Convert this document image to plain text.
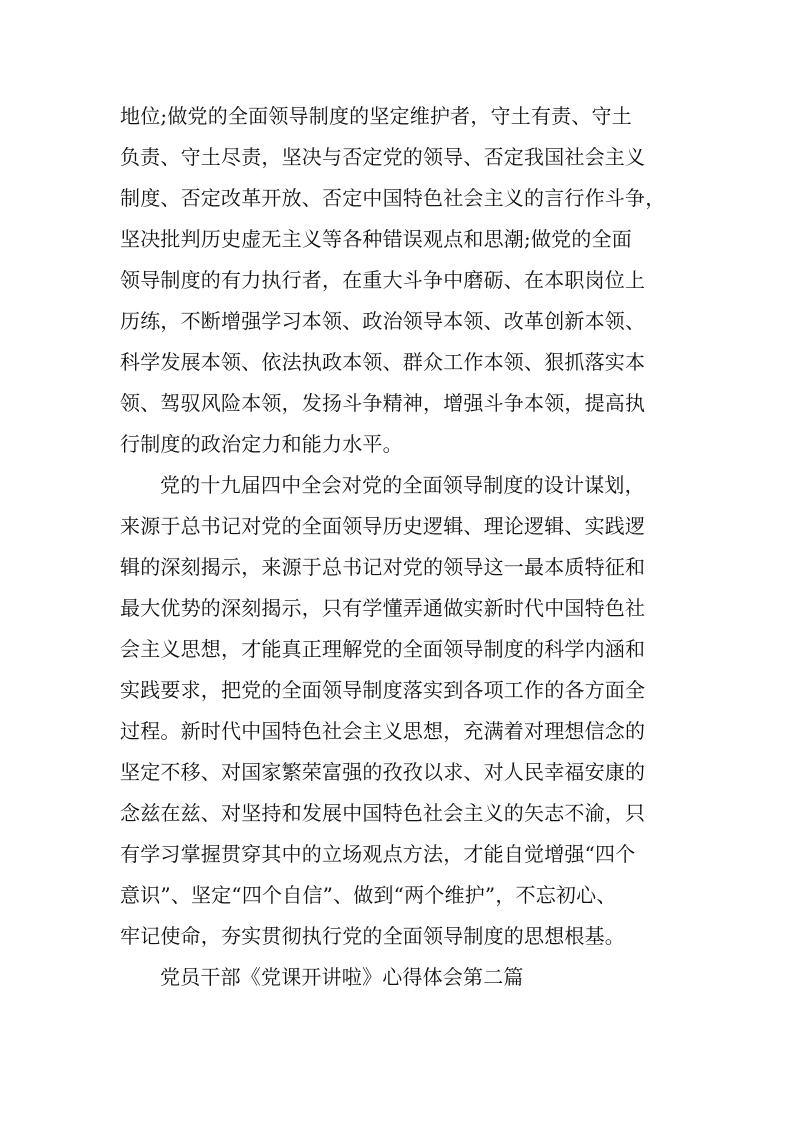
地位;做党的全面领导制度的坚定维护者，守土有责、守土
负责、守土尽责，坚决与否定党的领导、否定我国社会主义
制度、否定改革开放、否定中国特色社会主义的言行作斗争，
坚决批判历史虚无主义等各种错误观点和思潮;做党的全面
领导制度的有力执行者，在重大斗争中磨砺、在本职岗位上
历练，不断增强学习本领、政治领导本领、改革创新本领、
科学发展本领、依法执政本领、群众工作本领、狠抓落实本
领、驾驭风险本领，发扬斗争精神，增强斗争本领，提高执
行制度的政治定力和能力水平。
党的十九届四中全会对党的全面领导制度的设计谋划，
来源于总书记对党的全面领导历史逻辑、理论逻辑、实践逻
辑的深刻揭示，来源于总书记对党的领导这一最本质特征和
最大优势的深刻揭示，只有学懂弄通做实新时代中国特色社
会主义思想，才能真正理解党的全面领导制度的科学内涵和
实践要求，把党的全面领导制度落实到各项工作的各方面全
过程。新时代中国特色社会主义思想，充满着对理想信念的
坚定不移、对国家繁荣富强的孜孜以求、对人民幸福安康的
念兹在兹、对坚持和发展中国特色社会主义的矢志不渝，只
有学习掌握贯穿其中的立场观点方法，才能自觉增强“四个
意识”、坚定“四个自信”、做到“两个维护”，不忘初心、
牢记使命，夯实贯彻执行党的全面领导制度的思想根基。
党员干部《党课开讲啦》心得体会第二篇
